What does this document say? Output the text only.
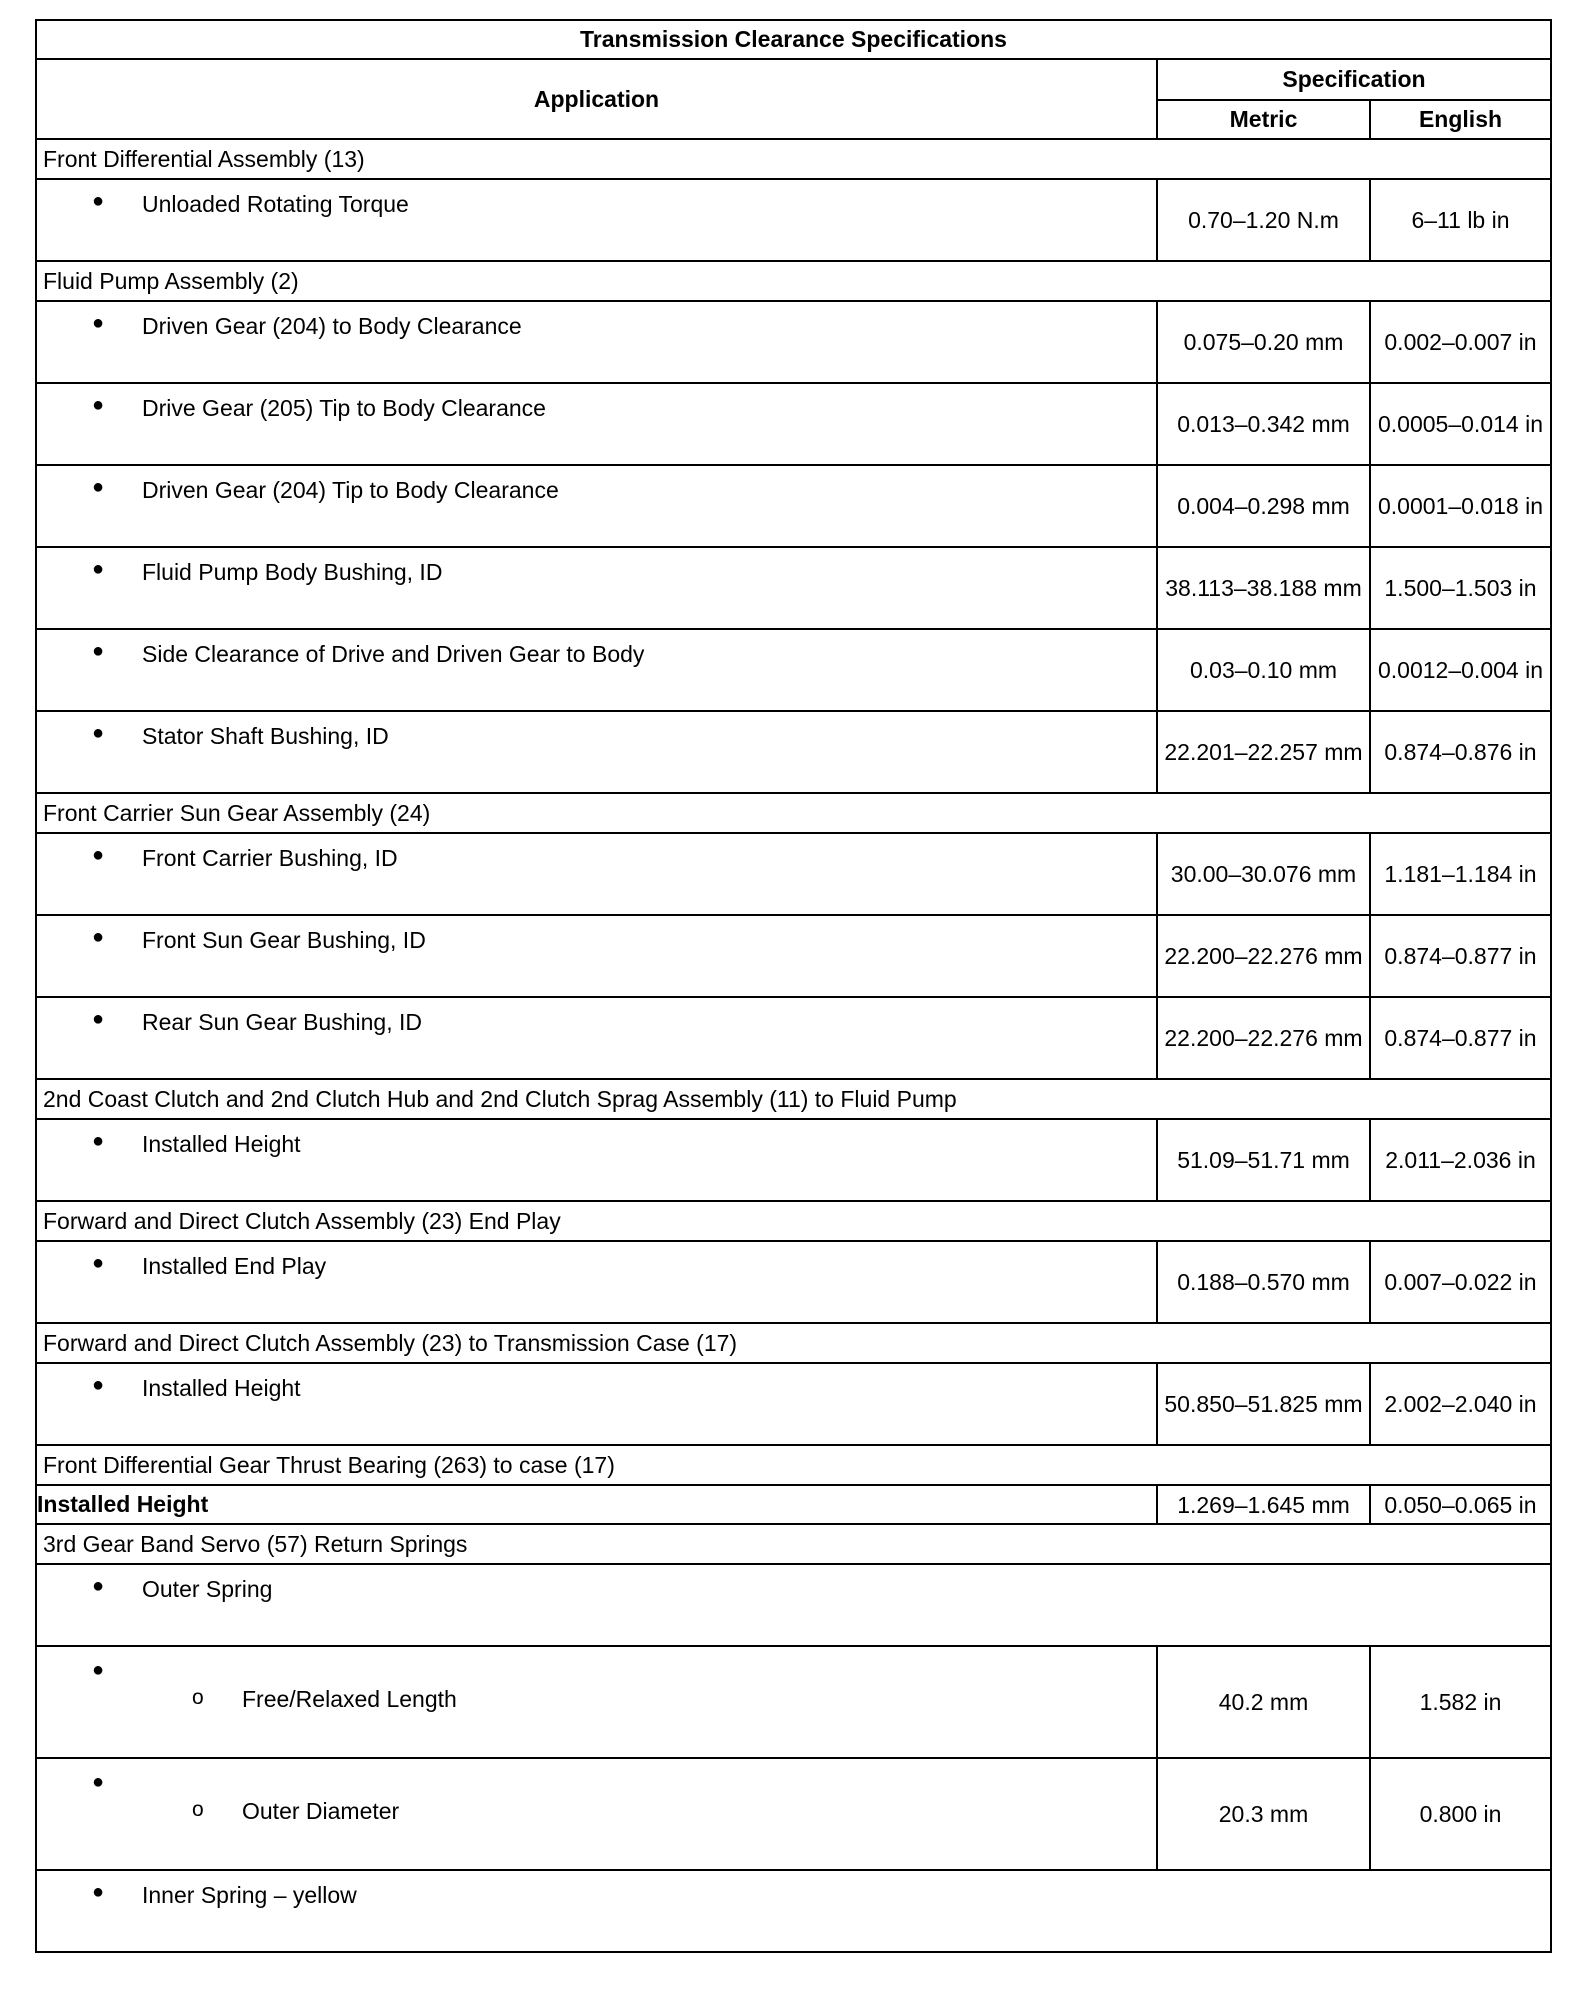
Transmission Clearance Specifications		
Application	Specification	
	Metric	English
Front Differential Assembly (13)		

● Unloaded Rotating Torque	0.70–1.20 N.m	6–11 lb in
Fluid Pump Assembly (2)		

● Driven Gear (204) to Body Clearance	0.075–0.20 mm	0.002–0.007 in

● Drive Gear (205) Tip to Body Clearance	0.013–0.342 mm	0.0005–0.014 in

● Driven Gear (204) Tip to Body Clearance	0.004–0.298 mm	0.0001–0.018 in

● Fluid Pump Body Bushing, ID	38.113–38.188 mm	1.500–1.503 in

● Side Clearance of Drive and Driven Gear to Body	0.03–0.10 mm	0.0012–0.004 in

● Stator Shaft Bushing, ID	22.201–22.257 mm	0.874–0.876 in
Front Carrier Sun Gear Assembly (24)		

● Front Carrier Bushing, ID	30.00–30.076 mm	1.181–1.184 in

● Front Sun Gear Bushing, ID	22.200–22.276 mm	0.874–0.877 in

● Rear Sun Gear Bushing, ID	22.200–22.276 mm	0.874–0.877 in
2nd Coast Clutch and 2nd Clutch Hub and 2nd Clutch Sprag Assembly (11) to Fluid Pump		

● Installed Height	51.09–51.71 mm	2.011–2.036 in
Forward and Direct Clutch Assembly (23) End Play		

● Installed End Play	0.188–0.570 mm	0.007–0.022 in
Forward and Direct Clutch Assembly (23) to Transmission Case (17)		

● Installed Height	50.850–51.825 mm	2.002–2.040 in
Front Differential Gear Thrust Bearing (263) to case (17)		
Installed Height	1.269–1.645 mm	0.050–0.065 in
3rd Gear Band Servo (57) Return Springs		

● Outer Spring		

●
o Free/Relaxed Length	40.2 mm	1.582 in

●
o Outer Diameter	20.3 mm	0.800 in

● Inner Spring – yellow		
